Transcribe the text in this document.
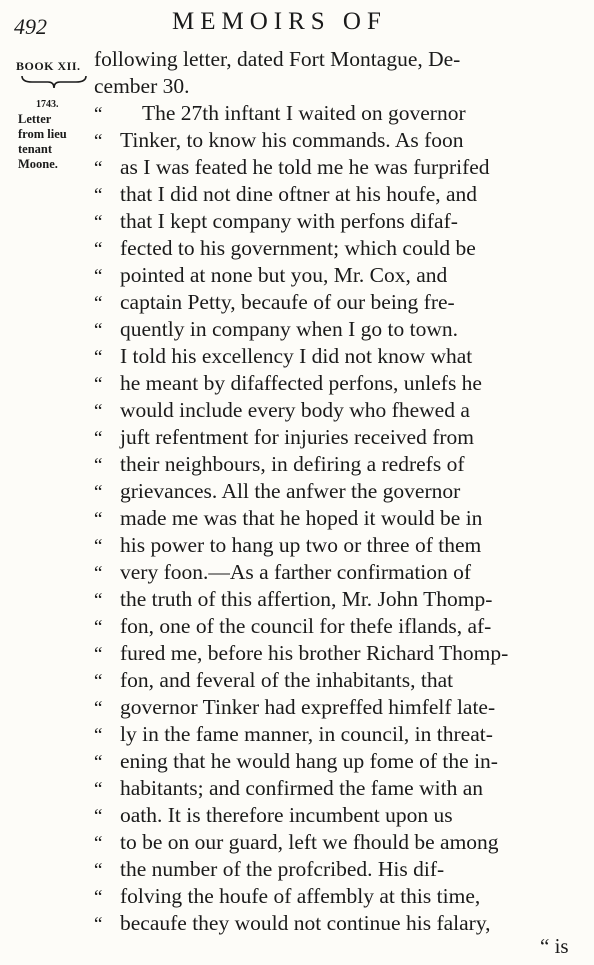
492	MEMOIRS OF
BOOK XII.
1743.
Letter
from lieu
tenant
Moone.
following letter, dated Fort Montague, De-
cember 30.
“ The 27th inftant I waited on governor
“ Tinker, to know his commands. As foon
“ as I was feated he told me he was furprifed
“ that I did not dine oftner at his houfe, and
“ that I kept company with perfons difaf-
“ fected to his government; which could be
“ pointed at none but you, Mr. Cox, and
“ captain Petty, becaufe of our being fre-
“ quently in company when I go to town.
“ I told his excellency I did not know what
“ he meant by difaffected perfons, unlefs he
“ would include every body who fhewed a
“ juft refentment for injuries received from
“ their neighbours, in defiring a redrefs of
“ grievances. All the anfwer the governor
“ made me was that he hoped it would be in
“ his power to hang up two or three of them
“ very foon.—As a farther confirmation of
“ the truth of this affertion, Mr. John Thomp-
“ fon, one of the council for thefe iflands, af-
“ fured me, before his brother Richard Thomp-
“ fon, and feveral of the inhabitants, that
“ governor Tinker had expreffed himfelf late-
“ ly in the fame manner, in council, in threat-
“ ening that he would hang up fome of the in-
“ habitants; and confirmed the fame with an
“ oath. It is therefore incumbent upon us
“ to be on our guard, left we fhould be among
“ the number of the profcribed. His dif-
“ folving the houfe of affembly at this time,
“ becaufe they would not continue his falary,
“ is
